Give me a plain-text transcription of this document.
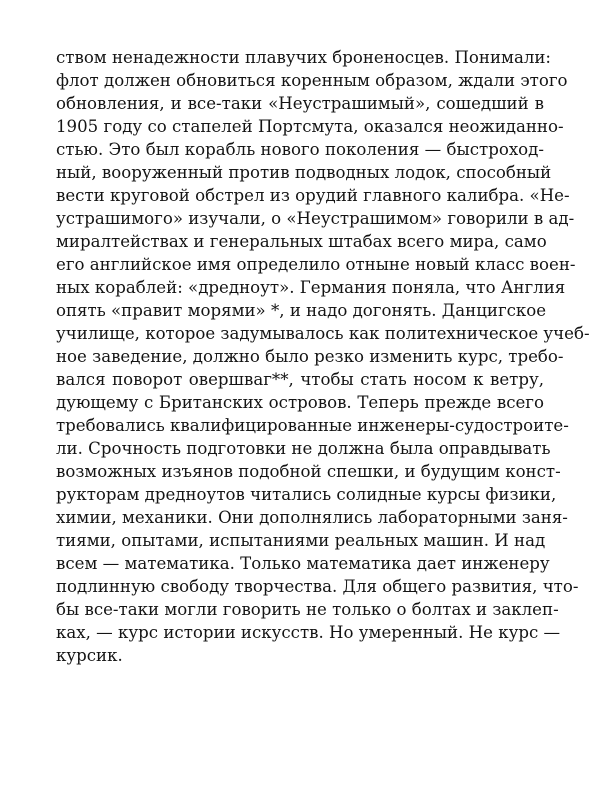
ством ненадежности плавучих броненосцев. Понимали:
флот должен обновиться коренным образом, ждали этого
обновления, и все-таки «Неустрашимый», сошедший в
1905 году со стапелей Портсмута, оказался неожиданно-
стью. Это был корабль нового поколения — быстроход-
ный, вооруженный против подводных лодок, способный
вести круговой обстрел из орудий главного калибра. «Не-
устрашимого» изучали, о «Неустрашимом» говорили в ад-
миралтействах и генеральных штабах всего мира, само
его английское имя определило отныне новый класс воен-
ных кораблей: «дредноут». Германия поняла, что Англия
опять «правит морями» *, и надо догонять. Данцигское
училище, которое задумывалось как политехническое учеб-
ное заведение, должно было резко изменить курс, требо-
вался поворот овершваг**, чтобы стать носом к ветру,
дующему с Британских островов. Теперь прежде всего
требовались квалифицированные инженеры-судостроите-
ли. Срочность подготовки не должна была оправдывать
возможных изъянов подобной спешки, и будущим конст-
рукторам дредноутов читались солидные курсы физики,
химии, механики. Они дополнялись лабораторными заня-
тиями, опытами, испытаниями реальных машин. И над
всем — математика. Только математика дает инженеру
подлинную свободу творчества. Для общего развития, что-
бы все-таки могли говорить не только о болтах и заклеп-
ках, — курс истории искусств. Но умеренный. Не курс —
курсик.
